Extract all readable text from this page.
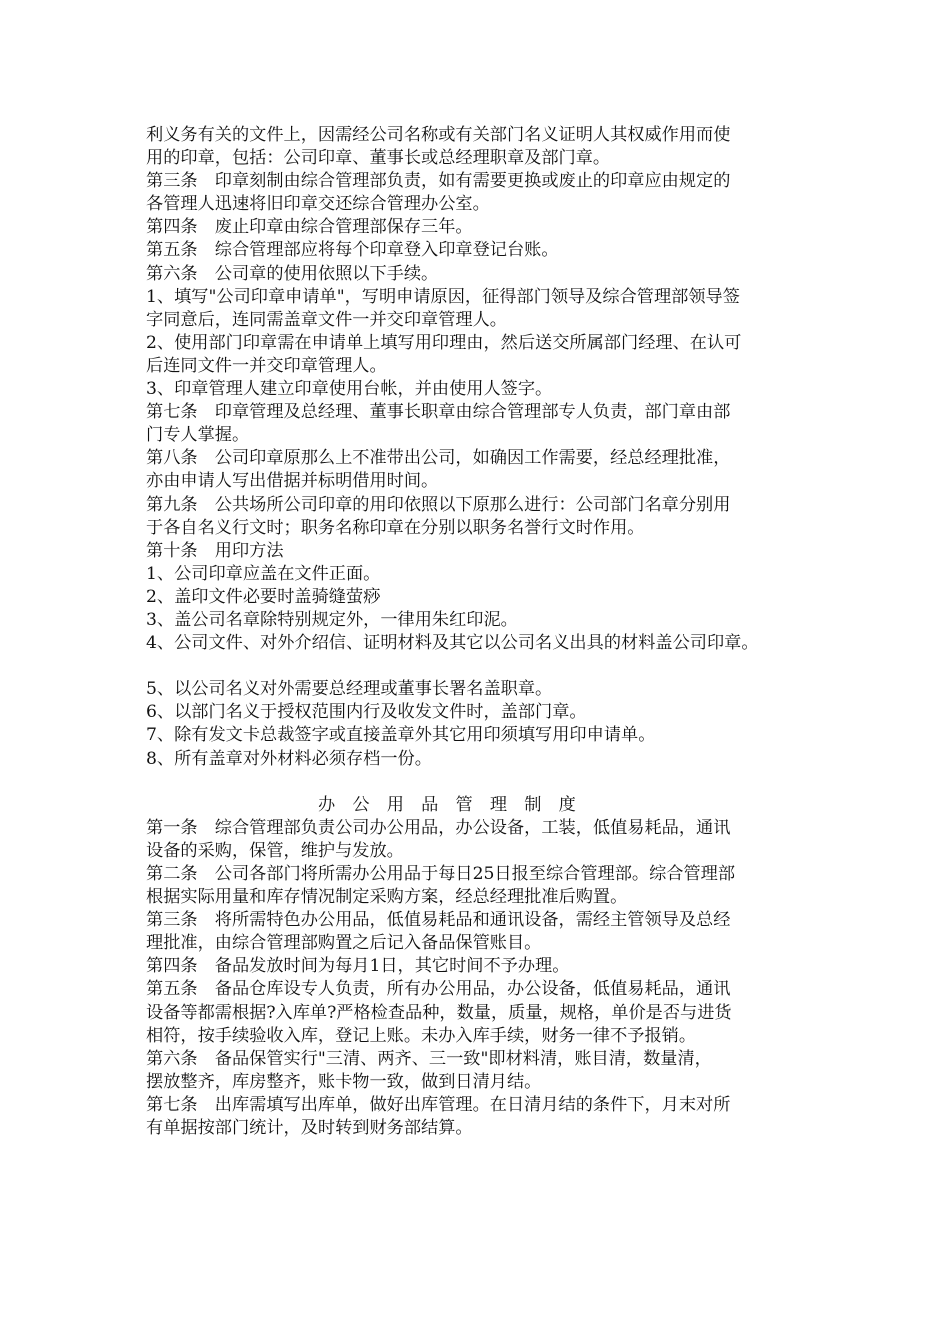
利义务有关的文件上，因需经公司名称或有关部门名义证明人其权威作用而使
用的印章，包括：公司印章、董事长或总经理职章及部门章。
第三条　印章刻制由综合管理部负责，如有需要更换或废止的印章应由规定的
各管理人迅速将旧印章交还综合管理办公室。
第四条　废止印章由综合管理部保存三年。
第五条　综合管理部应将每个印章登入印章登记台账。
第六条　公司章的使用依照以下手续。
1、填写"公司印章申请单"，写明申请原因，征得部门领导及综合管理部领导签
字同意后，连同需盖章文件一并交印章管理人。
2、使用部门印章需在申请单上填写用印理由，然后送交所属部门经理、在认可
后连同文件一并交印章管理人。
3、印章管理人建立印章使用台帐，并由使用人签字。
第七条　印章管理及总经理、董事长职章由综合管理部专人负责，部门章由部
门专人掌握。
第八条　公司印章原那么上不准带出公司，如确因工作需要，经总经理批准，
亦由申请人写出借据并标明借用时间。
第九条　公共场所公司印章的用印依照以下原那么进行：公司部门名章分别用
于各自名义行文时；职务名称印章在分别以职务名誉行文时作用。
第十条　用印方法
1、公司印章应盖在文件正面。
2、盖印文件必要时盖骑缝萤痧
3、盖公司名章除特别规定外，一律用朱红印泥。
4、公司文件、对外介绍信、证明材料及其它以公司名义出具的材料盖公司印章。
5、以公司名义对外需要总经理或董事长署名盖职章。
6、以部门名义于授权范围内行及收发文件时，盖部门章。
7、除有发文卡总裁签字或直接盖章外其它用印须填写用印申请单。
8、所有盖章对外材料必须存档一份。
办　公　用　品　管　理　制　度
第一条　综合管理部负责公司办公用品，办公设备，工装，低值易耗品，通讯
设备的采购，保管，维护与发放。
第二条　公司各部门将所需办公用品于每日25日报至综合管理部。综合管理部
根据实际用量和库存情况制定采购方案，经总经理批准后购置。
第三条　将所需特色办公用品，低值易耗品和通讯设备，需经主管领导及总经
理批准，由综合管理部购置之后记入备品保管账目。
第四条　备品发放时间为每月1日，其它时间不予办理。
第五条　备品仓库设专人负责，所有办公用品，办公设备，低值易耗品，通讯
设备等都需根据?入库单?严格检查品种，数量，质量，规格，单价是否与进货
相符，按手续验收入库，登记上账。未办入库手续，财务一律不予报销。
第六条　备品保管实行"三清、两齐、三一致"即材料清，账目清，数量清，
摆放整齐，库房整齐，账卡物一致，做到日清月结。
第七条　出库需填写出库单，做好出库管理。在日清月结的条件下，月末对所
有单据按部门统计，及时转到财务部结算。
